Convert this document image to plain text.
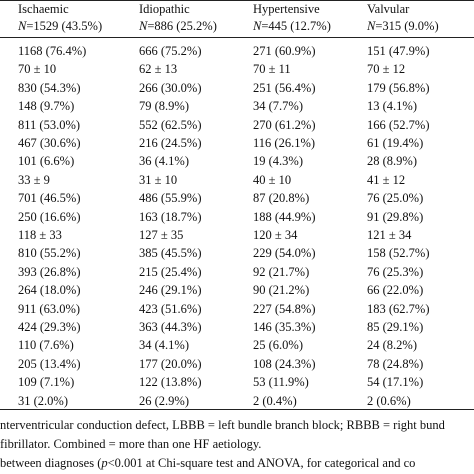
Ischaemic	Idiopathic	Hypertensive	Valvular
N=1529 (43.5%)	N=886 (25.2%)	N=445 (12.7%)	N=315 (9.0%)
1168 (76.4%)	666 (75.2%)	271 (60.9%)	151 (47.9%)
70 ± 10	62 ± 13	70 ± 11	70 ± 12
830 (54.3%)	266 (30.0%)	251 (56.4%)	179 (56.8%)
148 (9.7%)	79 (8.9%)	34 (7.7%)	13 (4.1%)
811 (53.0%)	552 (62.5%)	270 (61.2%)	166 (52.7%)
467 (30.6%)	216 (24.5%)	116 (26.1%)	61 (19.4%)
101 (6.6%)	36 (4.1%)	19 (4.3%)	28 (8.9%)
33 ± 9	31 ± 10	40 ± 10	41 ± 12
701 (46.5%)	486 (55.9%)	87 (20.8%)	76 (25.0%)
250 (16.6%)	163 (18.7%)	188 (44.9%)	91 (29.8%)
118 ± 33	127 ± 35	120 ± 34	121 ± 34
810 (55.2%)	385 (45.5%)	229 (54.0%)	158 (52.7%)
393 (26.8%)	215 (25.4%)	92 (21.7%)	76 (25.3%)
264 (18.0%)	246 (29.1%)	90 (21.2%)	66 (22.0%)
911 (63.0%)	423 (51.6%)	227 (54.8%)	183 (62.7%)
424 (29.3%)	363 (44.3%)	146 (35.3%)	85 (29.1%)
110 (7.6%)	34 (4.1%)	25 (6.0%)	24 (8.2%)
205 (13.4%)	177 (20.0%)	108 (24.3%)	78 (24.8%)
109 (7.1%)	122 (13.8%)	53 (11.9%)	54 (17.1%)
31 (2.0%)	26 (2.9%)	2 (0.4%)	2 (0.6%)
nterventricular conduction defect, LBBB = left bundle branch block; RBBB = right bund
fibrillator. Combined = more than one HF aetiology.
between diagnoses (p<0.001 at Chi-square test and ANOVA, for categorical and co
